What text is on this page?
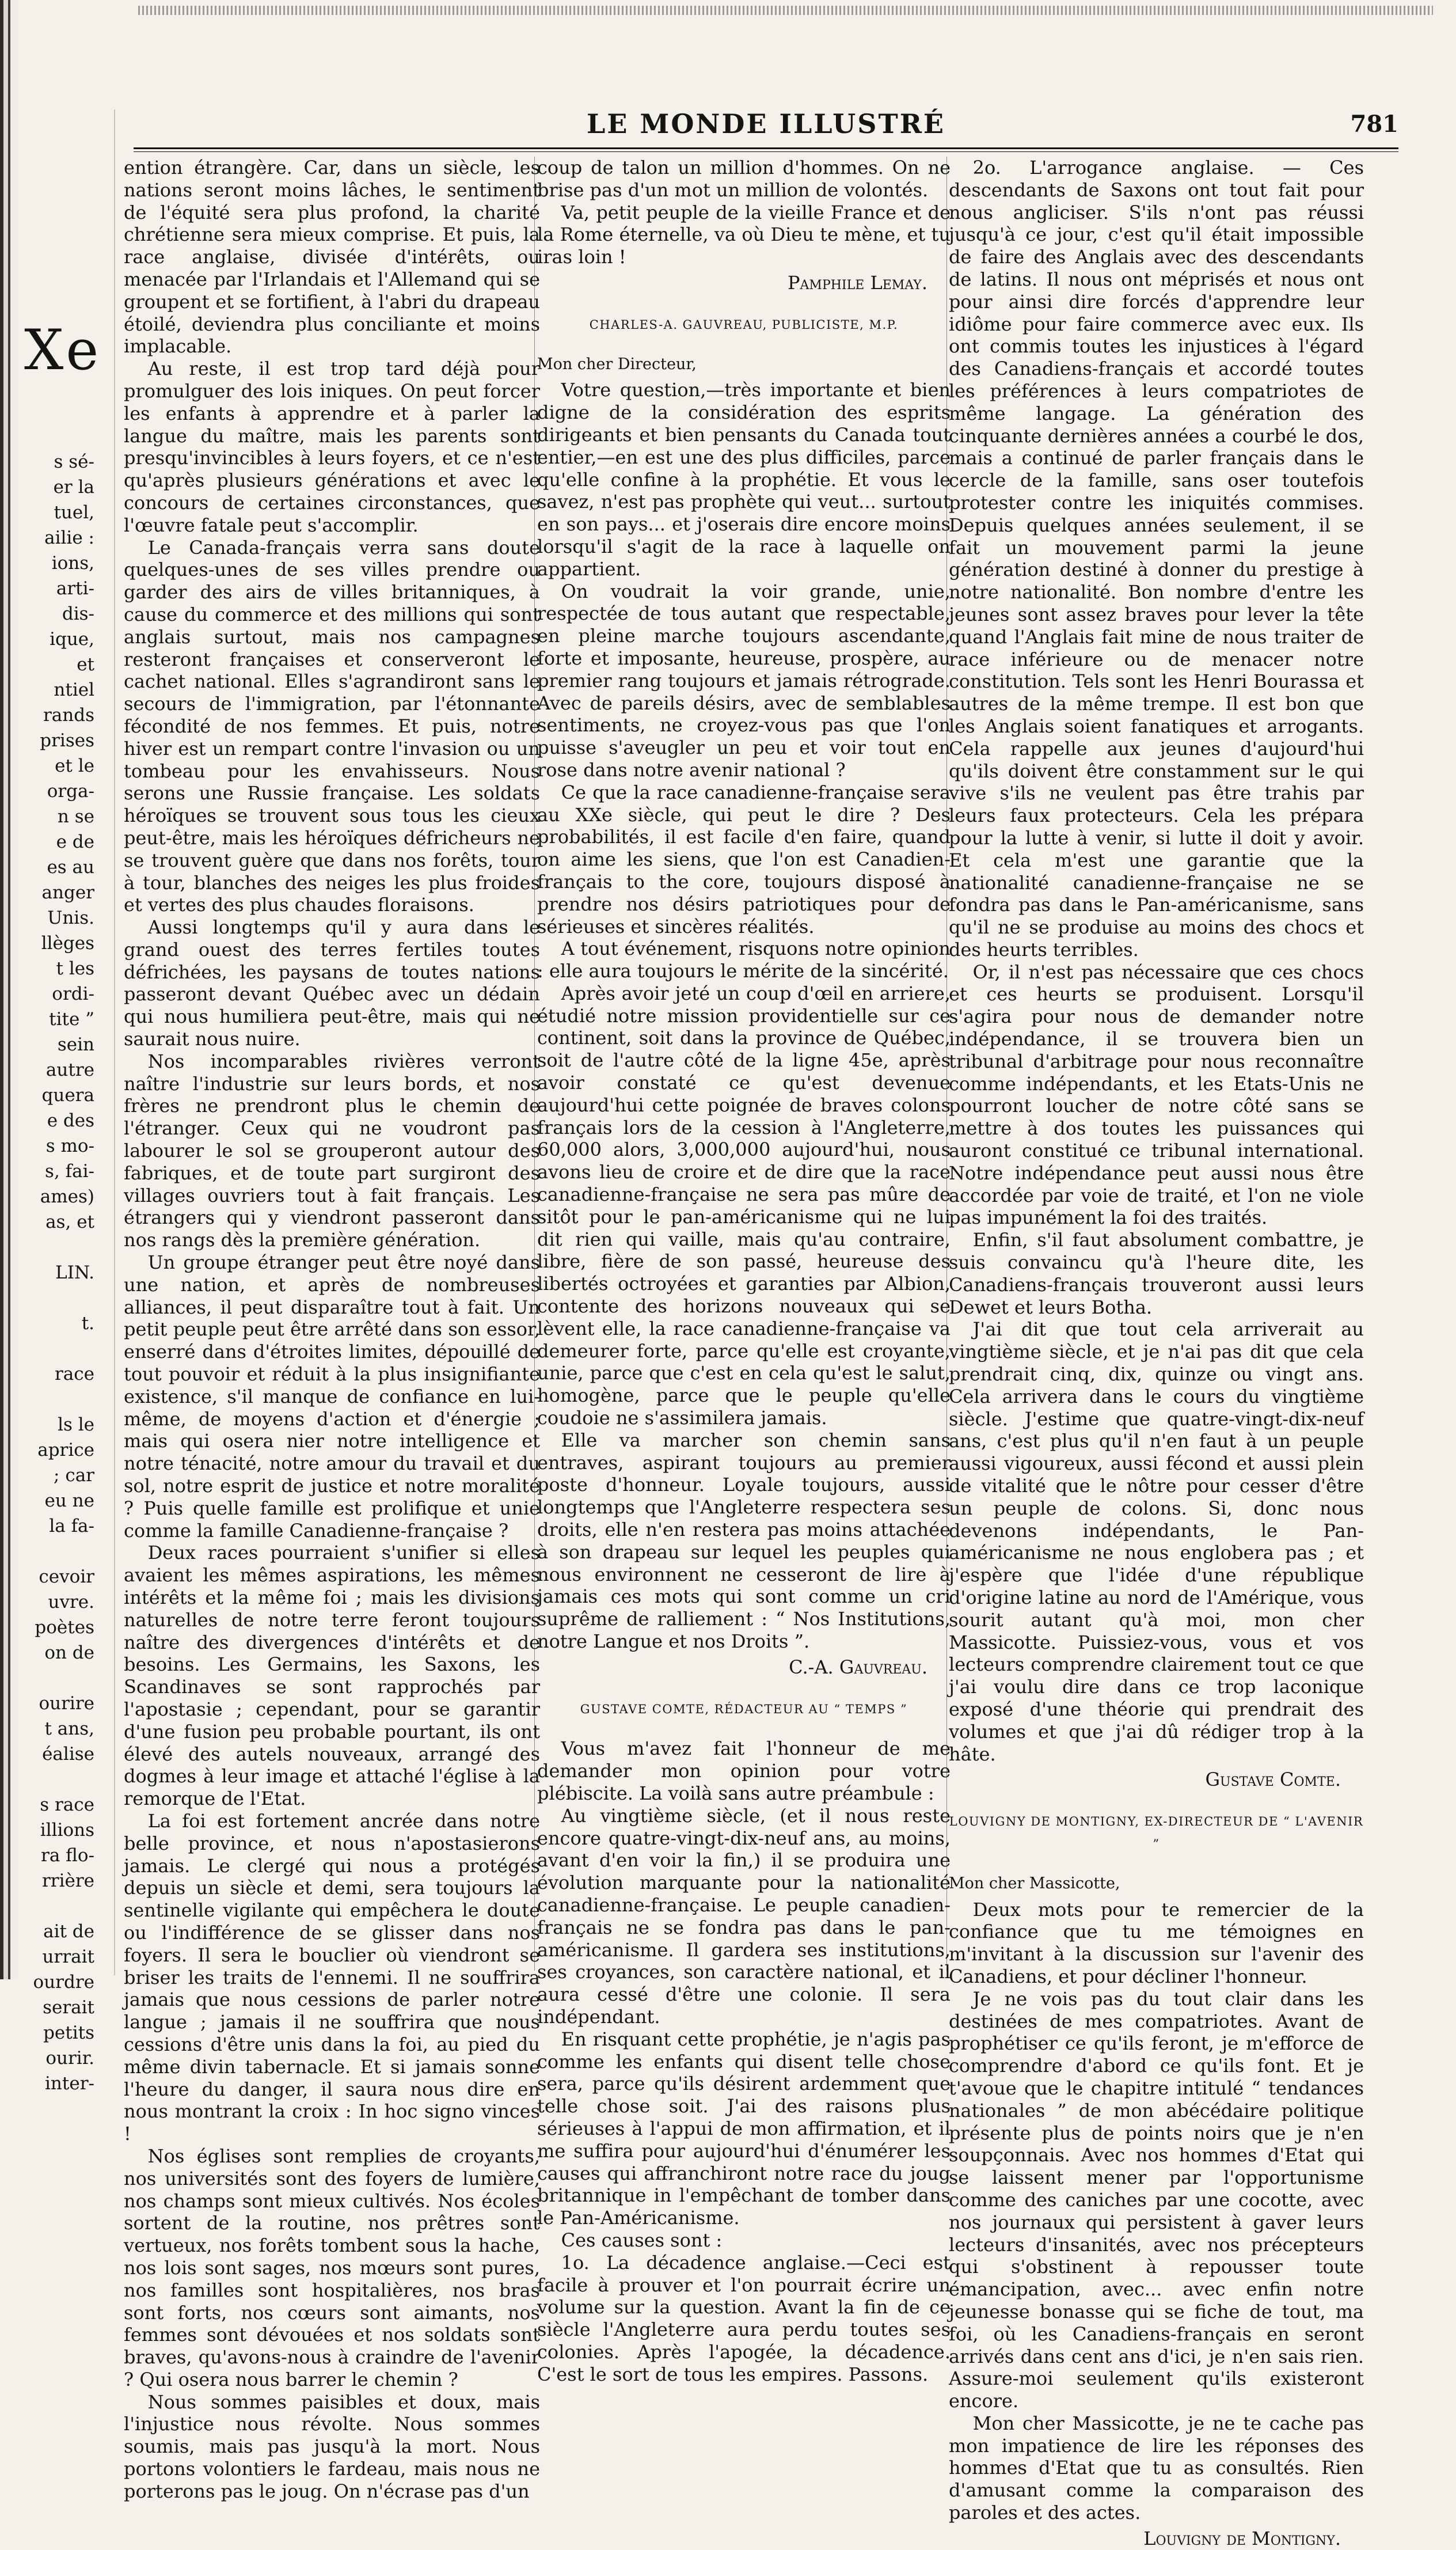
Xe
s sé-
er la
tuel,
ailie :
ions,
arti-
dis-
ique,
et
ntiel
rands
prises
et le
orga-
n se
e de
es au
anger
Unis.
llèges
t les
ordi-
tite ”
sein
autre
quera
e des
s mo-
s, fai-
ames)
as, et
LIN.
t.
race
ls le
aprice
; car
eu ne
la fa-
cevoir
uvre.
poètes
on de
ourire
t ans,
éalise
s race
illions
ra flo-
rrière
ait de
urrait
ourdre
serait
petits
ourir.
inter-
LE MONDE ILLUSTRÉ	781

ention étrangère. Car, dans un siècle, les nations seront moins lâches, le sentiment de l'équité sera plus profond, la charité chrétienne sera mieux comprise. Et puis, la race anglaise, divisée d'intérêts, ou menacée par l'Irlandais et l'Allemand qui se groupent et se fortifient, à l'abri du drapeau étoilé, deviendra plus conciliante et moins implacable.

Au reste, il est trop tard déjà pour promulguer des lois iniques. On peut forcer les enfants à apprendre et à parler la langue du maître, mais les parents sont presqu'invincibles à leurs foyers, et ce n'est qu'après plusieurs générations et avec le concours de certaines circonstances, que l'œuvre fatale peut s'accomplir.

Le Canada-français verra sans doute quelques-unes de ses villes prendre ou garder des airs de villes britanniques, à cause du commerce et des millions qui sont anglais surtout, mais nos campagnes resteront françaises et conserveront le cachet national. Elles s'agrandiront sans le secours de l'immigration, par l'étonnante fécondité de nos femmes. Et puis, notre hiver est un rempart contre l'invasion ou un tombeau pour les envahisseurs. Nous serons une Russie française. Les soldats héroïques se trouvent sous tous les cieux peut-être, mais les héroïques défricheurs ne se trouvent guère que dans nos forêts, tour à tour, blanches des neiges les plus froides et vertes des plus chaudes floraisons.

Aussi longtemps qu'il y aura dans le grand ouest des terres fertiles toutes défrichées, les paysans de toutes nations passeront devant Québec avec un dédain qui nous humiliera peut-être, mais qui ne saurait nous nuire.

Nos incomparables rivières verront naître l'industrie sur leurs bords, et nos frères ne prendront plus le chemin de l'étranger. Ceux qui ne voudront pas labourer le sol se grouperont autour des fabriques, et de toute part surgiront des villages ouvriers tout à fait français. Les étrangers qui y viendront passeront dans nos rangs dès la première génération.

Un groupe étranger peut être noyé dans une nation, et après de nombreuses alliances, il peut disparaître tout à fait. Un petit peuple peut être arrêté dans son essor, enserré dans d'étroites limites, dépouillé de tout pouvoir et réduit à la plus insignifiante existence, s'il manque de confiance en lui-même, de moyens d'action et d'énergie ; mais qui osera nier notre intelligence et notre ténacité, notre amour du travail et du sol, notre esprit de justice et notre moralité ? Puis quelle famille est prolifique et unie comme la famille Canadienne-française ?

Deux races pourraient s'unifier si elles avaient les mêmes aspirations, les mêmes intérêts et la même foi ; mais les divisions naturelles de notre terre feront toujours naître des divergences d'intérêts et de besoins. Les Germains, les Saxons, les Scandinaves se sont rapprochés par l'apostasie ; cependant, pour se garantir d'une fusion peu probable pourtant, ils ont élevé des autels nouveaux, arrangé des dogmes à leur image et attaché l'église à la remorque de l'Etat.

La foi est fortement ancrée dans notre belle province, et nous n'apostasierons jamais. Le clergé qui nous a protégés depuis un siècle et demi, sera toujours la sentinelle vigilante qui empêchera le doute ou l'indifférence de se glisser dans nos foyers. Il sera le bouclier où viendront se briser les traits de l'ennemi. Il ne souffrira jamais que nous cessions de parler notre langue ; jamais il ne souffrira que nous cessions d'être unis dans la foi, au pied du même divin tabernacle. Et si jamais sonne l'heure du danger, il saura nous dire en nous montrant la croix : In hoc signo vinces !

Nos églises sont remplies de croyants, nos universités sont des foyers de lumière, nos champs sont mieux cultivés. Nos écoles sortent de la routine, nos prêtres sont vertueux, nos forêts tombent sous la hache, nos lois sont sages, nos mœurs sont pures, nos familles sont hospitalières, nos bras sont forts, nos cœurs sont aimants, nos femmes sont dévouées et nos soldats sont braves, qu'avons-nous à craindre de l'avenir ? Qui osera nous barrer le chemin ?

Nous sommes paisibles et doux, mais l'injustice nous révolte. Nous sommes soumis, mais pas jusqu'à la mort. Nous portons volontiers le fardeau, mais nous ne porterons pas le joug. On n'écrase pas d'un

coup de talon un million d'hommes. On ne brise pas d'un mot un million de volontés.

Va, petit peuple de la vieille France et de la Rome éternelle, va où Dieu te mène, et tu iras loin !

Pamphile Lemay.

CHARLES-A. GAUVREAU, PUBLICISTE, M.P.

Mon cher Directeur,

Votre question,—très importante et bien digne de la considération des esprits dirigeants et bien pensants du Canada tout entier,—en est une des plus difficiles, parce qu'elle confine à la prophétie. Et vous le savez, n'est pas prophète qui veut... surtout en son pays... et j'oserais dire encore moins lorsqu'il s'agit de la race à laquelle on appartient.

On voudrait la voir grande, unie, respectée de tous autant que respectable, en pleine marche toujours ascendante, forte et imposante, heureuse, prospère, au premier rang toujours et jamais rétrograde. Avec de pareils désirs, avec de semblables sentiments, ne croyez-vous pas que l'on puisse s'aveugler un peu et voir tout en rose dans notre avenir national ?

Ce que la race canadienne-française sera au XXe siècle, qui peut le dire ? Des probabilités, il est facile d'en faire, quand on aime les siens, que l'on est Canadien-français to the core, toujours disposé à prendre nos désirs patriotiques pour de sérieuses et sincères réalités.

A tout événement, risquons notre opinion : elle aura toujours le mérite de la sincérité.

Après avoir jeté un coup d'œil en arriere, étudié notre mission providentielle sur ce continent, soit dans la province de Québec, soit de l'autre côté de la ligne 45e, après avoir constaté ce qu'est devenue aujourd'hui cette poignée de braves colons français lors de la cession à l'Angleterre, 60,000 alors, 3,000,000 aujourd'hui, nous avons lieu de croire et de dire que la race canadienne-française ne sera pas mûre de sitôt pour le pan-américanisme qui ne lui dit rien qui vaille, mais qu'au contraire, libre, fière de son passé, heureuse des libertés octroyées et garanties par Albion, contente des horizons nouveaux qui se lèvent elle, la race canadienne-française va demeurer forte, parce qu'elle est croyante, unie, parce que c'est en cela qu'est le salut, homogène, parce que le peuple qu'elle coudoie ne s'assimilera jamais.

Elle va marcher son chemin sans entraves, aspirant toujours au premier poste d'honneur. Loyale toujours, aussi longtemps que l'Angleterre respectera ses droits, elle n'en restera pas moins attachée à son drapeau sur lequel les peuples qui nous environnent ne cesseront de lire à jamais ces mots qui sont comme un cri suprême de ralliement : “ Nos Institutions, notre Langue et nos Droits ”.

C.-A. Gauvreau.

GUSTAVE COMTE, RÉDACTEUR AU “ TEMPS ”

Vous m'avez fait l'honneur de me demander mon opinion pour votre plébiscite. La voilà sans autre préambule :

Au vingtième siècle, (et il nous reste encore quatre-vingt-dix-neuf ans, au moins, avant d'en voir la fin,) il se produira une évolution marquante pour la nationalité canadienne-française. Le peuple canadien-français ne se fondra pas dans le pan-américanisme. Il gardera ses institutions, ses croyances, son caractère national, et il aura cessé d'être une colonie. Il sera indépendant.

En risquant cette prophétie, je n'agis pas comme les enfants qui disent telle chose sera, parce qu'ils désirent ardemment que telle chose soit. J'ai des raisons plus sérieuses à l'appui de mon affirmation, et il me suffira pour aujourd'hui d'énumérer les causes qui affranchiront notre race du joug britannique in l'empêchant de tomber dans le Pan-Américanisme.

Ces causes sont :

1o. La décadence anglaise.—Ceci est facile à prouver et l'on pourrait écrire un volume sur la question. Avant la fin de ce siècle l'Angleterre aura perdu toutes ses colonies. Après l'apogée, la décadence. C'est le sort de tous les empires. Passons.

2o. L'arrogance anglaise. — Ces descendants de Saxons ont tout fait pour nous angliciser. S'ils n'ont pas réussi jusqu'à ce jour, c'est qu'il était impossible de faire des Anglais avec des descendants de latins. Il nous ont méprisés et nous ont pour ainsi dire forcés d'apprendre leur idiôme pour faire commerce avec eux. Ils ont commis toutes les injustices à l'égard des Canadiens-français et accordé toutes les préférences à leurs compatriotes de même langage. La génération des cinquante dernières années a courbé le dos, mais a continué de parler français dans le cercle de la famille, sans oser toutefois protester contre les iniquités commises. Depuis quelques années seulement, il se fait un mouvement parmi la jeune génération destiné à donner du prestige à notre nationalité. Bon nombre d'entre les jeunes sont assez braves pour lever la tête quand l'Anglais fait mine de nous traiter de race inférieure ou de menacer notre constitution. Tels sont les Henri Bourassa et autres de la même trempe. Il est bon que les Anglais soient fanatiques et arrogants. Cela rappelle aux jeunes d'aujourd'hui qu'ils doivent être constamment sur le qui vive s'ils ne veulent pas être trahis par leurs faux protecteurs. Cela les prépara pour la lutte à venir, si lutte il doit y avoir. Et cela m'est une garantie que la nationalité canadienne-française ne se fondra pas dans le Pan-américanisme, sans qu'il ne se produise au moins des chocs et des heurts terribles.

Or, il n'est pas nécessaire que ces chocs et ces heurts se produisent. Lorsqu'il s'agira pour nous de demander notre indépendance, il se trouvera bien un tribunal d'arbitrage pour nous reconnaître comme indépendants, et les Etats-Unis ne pourront loucher de notre côté sans se mettre à dos toutes les puissances qui auront constitué ce tribunal international. Notre indépendance peut aussi nous être accordée par voie de traité, et l'on ne viole pas impunément la foi des traités.

Enfin, s'il faut absolument combattre, je suis convaincu qu'à l'heure dite, les Canadiens-français trouveront aussi leurs Dewet et leurs Botha.

J'ai dit que tout cela arriverait au vingtième siècle, et je n'ai pas dit que cela prendrait cinq, dix, quinze ou vingt ans. Cela arrivera dans le cours du vingtième siècle. J'estime que quatre-vingt-dix-neuf ans, c'est plus qu'il n'en faut à un peuple aussi vigoureux, aussi fécond et aussi plein de vitalité que le nôtre pour cesser d'être un peuple de colons. Si, donc nous devenons indépendants, le Pan-américanisme ne nous englobera pas ; et j'espère que l'idée d'une république d'origine latine au nord de l'Amérique, vous sourit autant qu'à moi, mon cher Massicotte. Puissiez-vous, vous et vos lecteurs comprendre clairement tout ce que j'ai voulu dire dans ce trop laconique exposé d'une théorie qui prendrait des volumes et que j'ai dû rédiger trop à la hâte.

Gustave Comte.

LOUVIGNY DE MONTIGNY, EX-DIRECTEUR DE “ L'AVENIR ”

Mon cher Massicotte,

Deux mots pour te remercier de la confiance que tu me témoignes en m'invitant à la discussion sur l'avenir des Canadiens, et pour décliner l'honneur.

Je ne vois pas du tout clair dans les destinées de mes compatriotes. Avant de prophétiser ce qu'ils feront, je m'efforce de comprendre d'abord ce qu'ils font. Et je t'avoue que le chapitre intitulé “ tendances nationales ” de mon abécédaire politique présente plus de points noirs que je n'en soupçonnais. Avec nos hommes d'Etat qui se laissent mener par l'opportunisme comme des caniches par une cocotte, avec nos journaux qui persistent à gaver leurs lecteurs d'insanités, avec nos précepteurs qui s'obstinent à repousser toute émancipation, avec... avec enfin notre jeunesse bonasse qui se fiche de tout, ma foi, où les Canadiens-français en seront arrivés dans cent ans d'ici, je n'en sais rien. Assure-moi seulement qu'ils existeront encore.

Mon cher Massicotte, je ne te cache pas mon impatience de lire les réponses des hommes d'Etat que tu as consultés. Rien d'amusant comme la comparaison des paroles et des actes.

Louvigny de Montigny.
